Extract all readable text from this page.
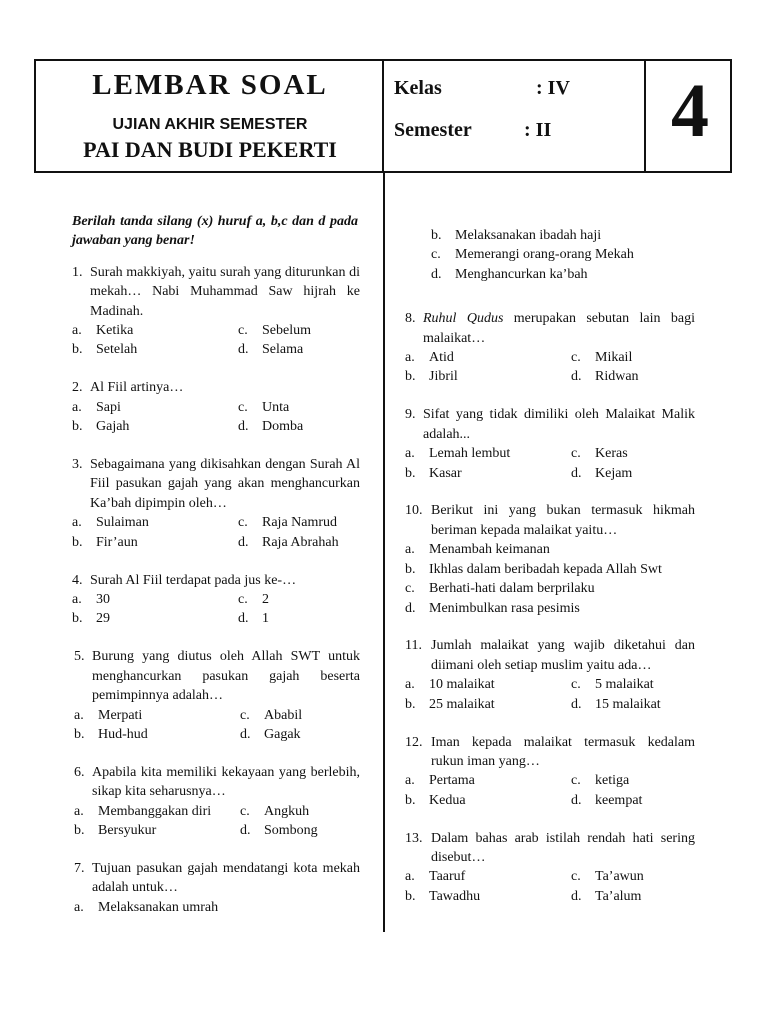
LEMBAR SOAL
UJIAN AKHIR SEMESTER
PAI DAN BUDI PEKERTI
Kelas	: IV
Semester	: II	4
Berilah tanda silang (x) huruf a, b,c dan d pada jawaban yang benar!
1. Surah makkiyah, yaitu surah yang diturunkan di mekah… Nabi Muhammad Saw hijrah ke Madinah.
a.	Ketika	c.	Sebelum
b. Setelah	d. Selama
2. Al Fiil artinya…
a.	Sapi	c.	Unta
b. Gajah	d. Domba
3. Sebagaimana yang dikisahkan dengan Surah Al Fiil pasukan gajah yang akan menghancurkan Ka’bah dipimpin oleh…
a.	Sulaiman	c.	Raja Namrud
b. Fir’aun	d. Raja Abrahah
4. Surah Al Fiil terdapat pada jus ke-…
a.	30	c.	2
b. 29	d. 1
5. Burung yang diutus oleh Allah SWT untuk menghancurkan pasukan gajah beserta pemimpinnya adalah…
a.	Merpati	c.	Ababil
b. Hud-hud	d. Gagak
6. Apabila kita memiliki kekayaan yang berlebih, sikap kita seharusnya…
a.	Membanggakan diri c.	Angkuh
b. Bersyukur	d. Sombong
7. Tujuan pasukan gajah mendatangi kota mekah adalah untuk…
a.	Melaksanakan umrah
b. Melaksanakan ibadah haji
c.	Memerangi orang-orang Mekah
d. Menghancurkan ka’bah
8. Ruhul Qudus merupakan sebutan lain bagi malaikat…
a.	Atid	c.	Mikail
b. Jibril	d. Ridwan
9. Sifat yang tidak dimiliki oleh Malaikat Malik adalah...
a.	Lemah lembut	c.	Keras
b. Kasar	d. Kejam
10. Berikut ini yang bukan termasuk hikmah beriman kepada malaikat yaitu…
a.	Menambah keimanan
b. Ikhlas dalam beribadah kepada Allah Swt
c.	Berhati-hati dalam berprilaku
d. Menimbulkan rasa pesimis
11. Jumlah malaikat yang wajib diketahui dan diimani oleh setiap muslim yaitu ada…
a.	10 malaikat	c.	5 malaikat
b. 25 malaikat	d. 15 malaikat
12. Iman kepada malaikat termasuk kedalam rukun iman yang…
a.	Pertama	c.	ketiga
b. Kedua	d. keempat
13. Dalam bahas arab istilah rendah hati sering disebut…
a.	Taaruf	c.	Ta’awun
b. Tawadhu	d. Ta’alum
